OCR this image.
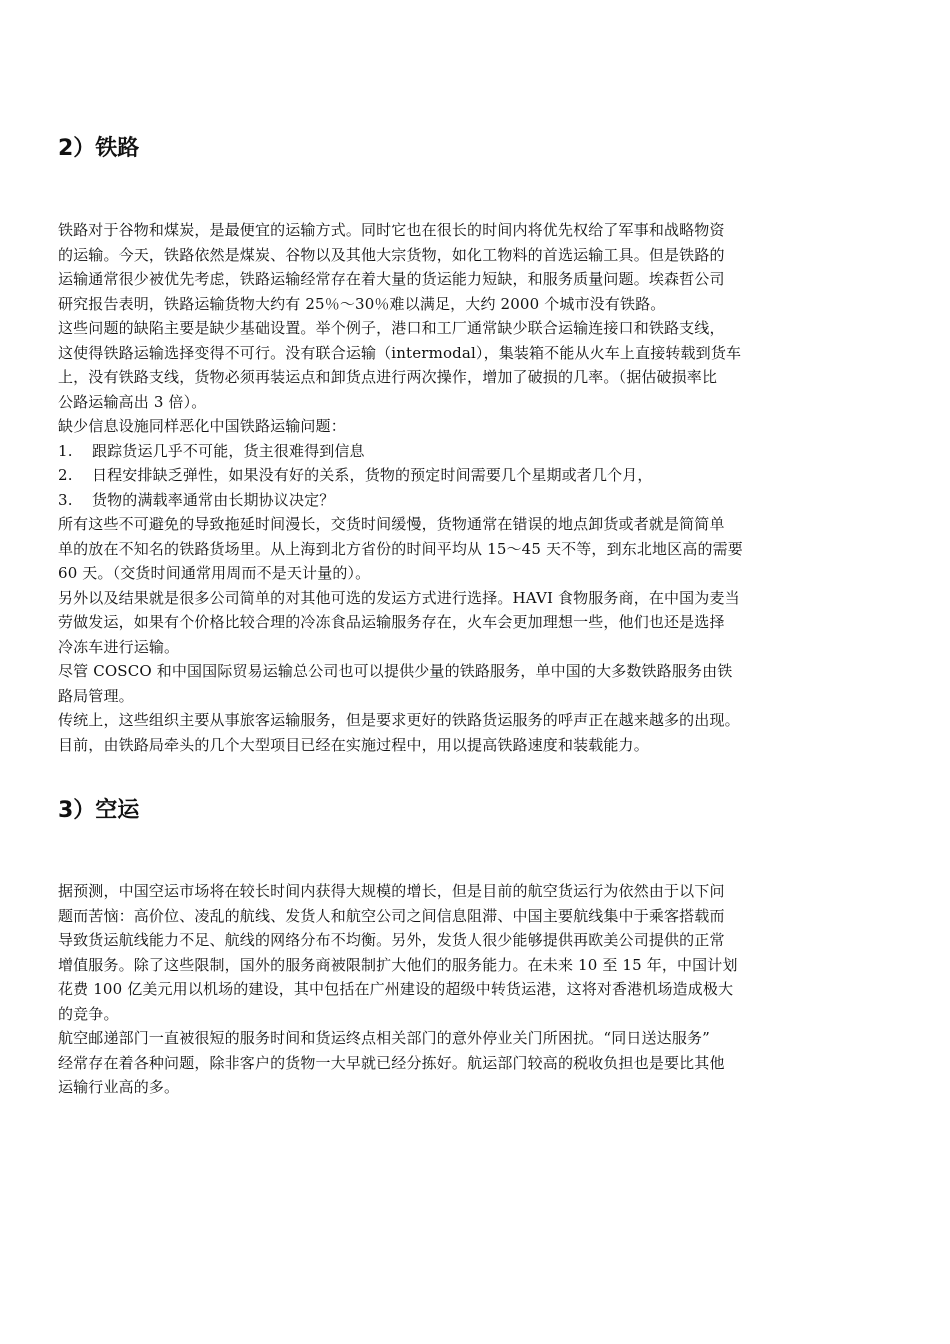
2）铁路
铁路对于谷物和煤炭，是最便宜的运输方式。同时它也在很长的时间内将优先权给了军事和战略物资
的运输。今天，铁路依然是煤炭、谷物以及其他大宗货物，如化工物料的首选运输工具。但是铁路的
运输通常很少被优先考虑，铁路运输经常存在着大量的货运能力短缺，和服务质量问题。埃森哲公司
研究报告表明，铁路运输货物大约有 25％～30％难以满足，大约 2000 个城市没有铁路。
这些问题的缺陷主要是缺少基础设置。举个例子，港口和工厂通常缺少联合运输连接口和铁路支线，
这使得铁路运输选择变得不可行。没有联合运输（intermodal），集装箱不能从火车上直接转载到货车
上，没有铁路支线，货物必须再装运点和卸货点进行两次操作，增加了破损的几率。（据估破损率比
公路运输高出 3 倍）。
缺少信息设施同样恶化中国铁路运输问题：
1. 跟踪货运几乎不可能，货主很难得到信息
2. 日程安排缺乏弹性，如果没有好的关系，货物的预定时间需要几个星期或者几个月，
3. 货物的满载率通常由长期协议决定？
所有这些不可避免的导致拖延时间漫长，交货时间缓慢，货物通常在错误的地点卸货或者就是简简单
单的放在不知名的铁路货场里。从上海到北方省份的时间平均从 15～45 天不等，到东北地区高的需要
60 天。（交货时间通常用周而不是天计量的）。
另外以及结果就是很多公司简单的对其他可选的发运方式进行选择。HAVI 食物服务商，在中国为麦当
劳做发运，如果有个价格比较合理的冷冻食品运输服务存在，火车会更加理想一些，他们也还是选择
冷冻车进行运输。
尽管 COSCO 和中国国际贸易运输总公司也可以提供少量的铁路服务，单中国的大多数铁路服务由铁
路局管理。
传统上，这些组织主要从事旅客运输服务，但是要求更好的铁路货运服务的呼声正在越来越多的出现。
目前，由铁路局牵头的几个大型项目已经在实施过程中，用以提高铁路速度和装载能力。
3）空运
据预测，中国空运市场将在较长时间内获得大规模的增长，但是目前的航空货运行为依然由于以下问
题而苦恼：高价位、凌乱的航线、发货人和航空公司之间信息阻滞、中国主要航线集中于乘客搭载而
导致货运航线能力不足、航线的网络分布不均衡。另外，发货人很少能够提供再欧美公司提供的正常
增值服务。除了这些限制，国外的服务商被限制扩大他们的服务能力。在未来 10 至 15 年，中国计划
花费 100 亿美元用以机场的建设，其中包括在广州建设的超级中转货运港，这将对香港机场造成极大
的竞争。
航空邮递部门一直被很短的服务时间和货运终点相关部门的意外停业关门所困扰。“同日送达服务”
经常存在着各种问题，除非客户的货物一大早就已经分拣好。航运部门较高的税收负担也是要比其他
运输行业高的多。
